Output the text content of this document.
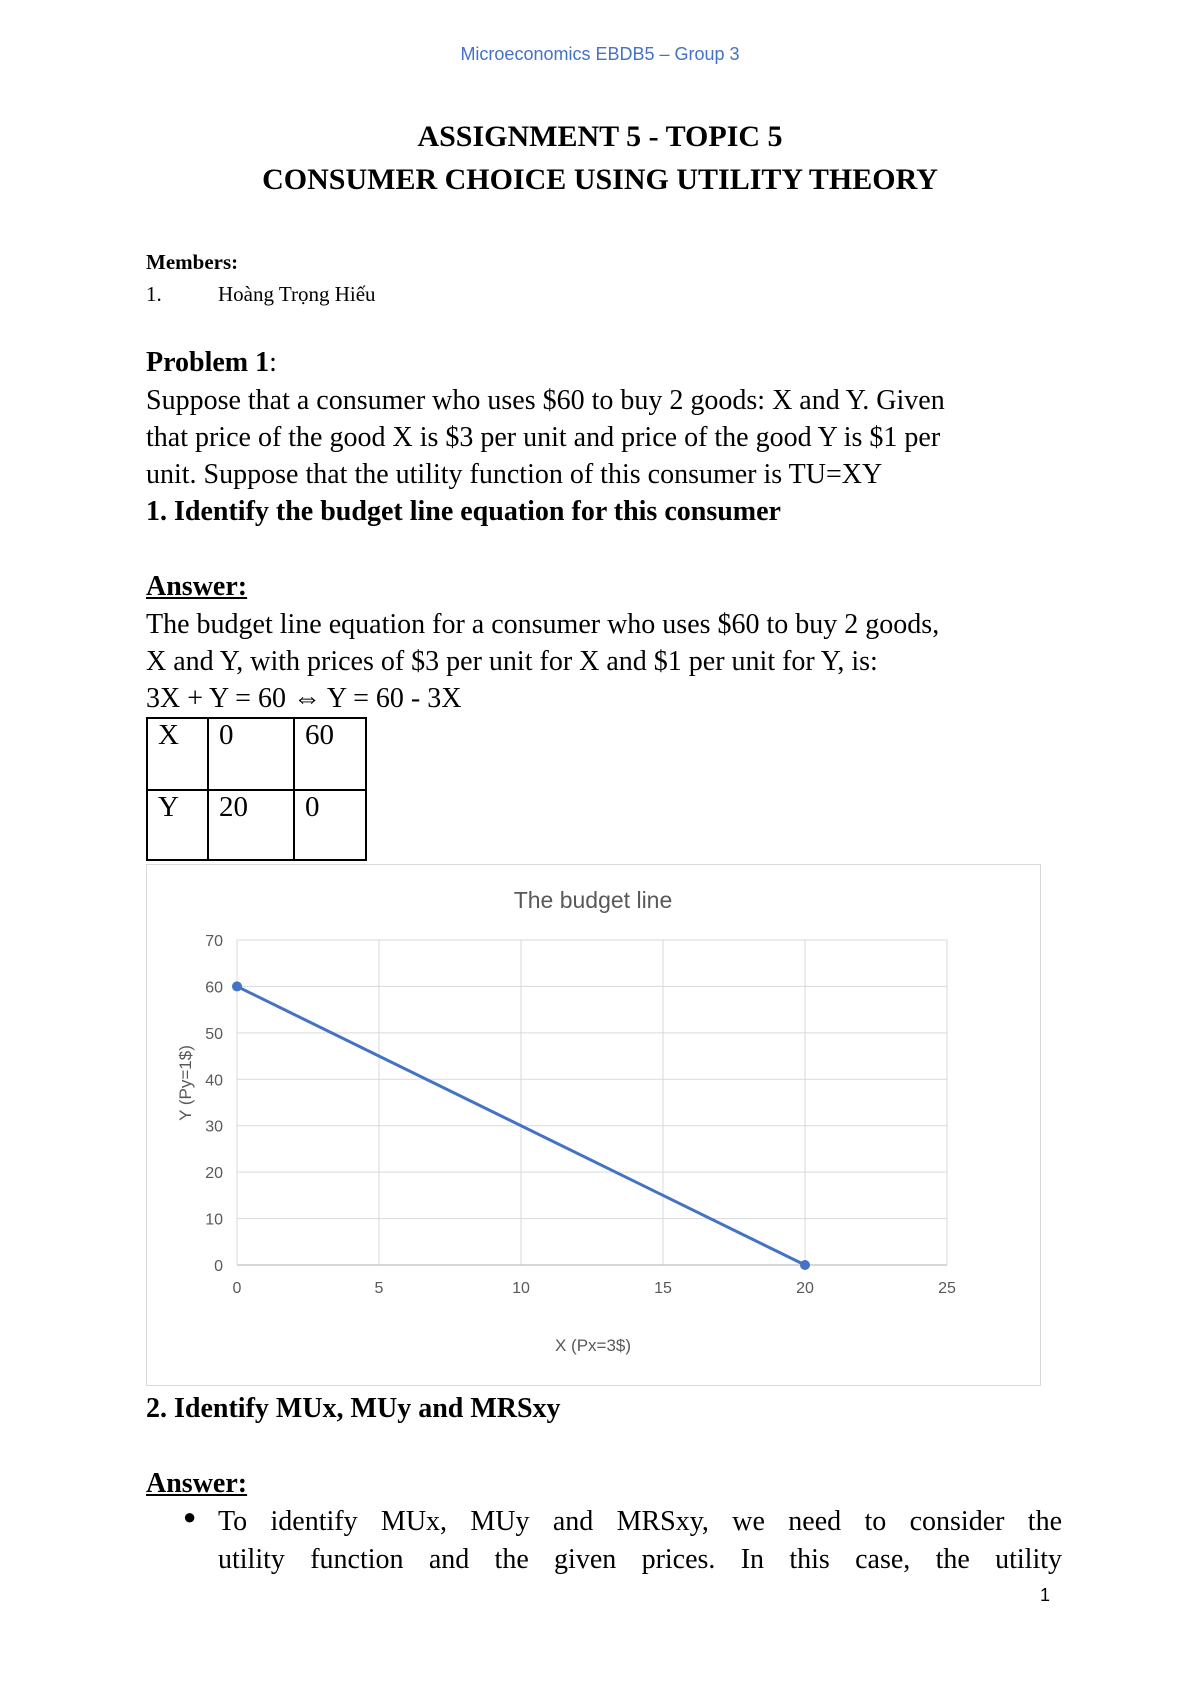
Microeconomics EBDB5 – Group 3
ASSIGNMENT 5 - TOPIC 5
CONSUMER CHOICE USING UTILITY THEORY
Members:
1.	Hoàng Trọng Hiếu
Problem 1:
Suppose that a consumer who uses $60 to buy 2 goods: X and Y. Given
that price of the good X is $3 per unit and price of the good Y is $1 per
unit. Suppose that the utility function of this consumer is TU=XY
1. Identify the budget line equation for this consumer
Answer:
The budget line equation for a consumer who uses $60 to buy 2 goods,
X and Y, with prices of $3 per unit for X and $1 per unit for Y, is:
3X + Y = 60 ⇔ Y = 60 - 3X
X	0	60
Y	20	0
The budget line
0
10
20
30
40
50
60
70
0	5	10	15	20	25
X (Px=3$)
Y (Py=1$)
2. Identify MUx, MUy and MRSxy
Answer:
● To identify MUx, MUy and MRSxy, we need to consider the
utility function and the given prices. In this case, the utility
1
